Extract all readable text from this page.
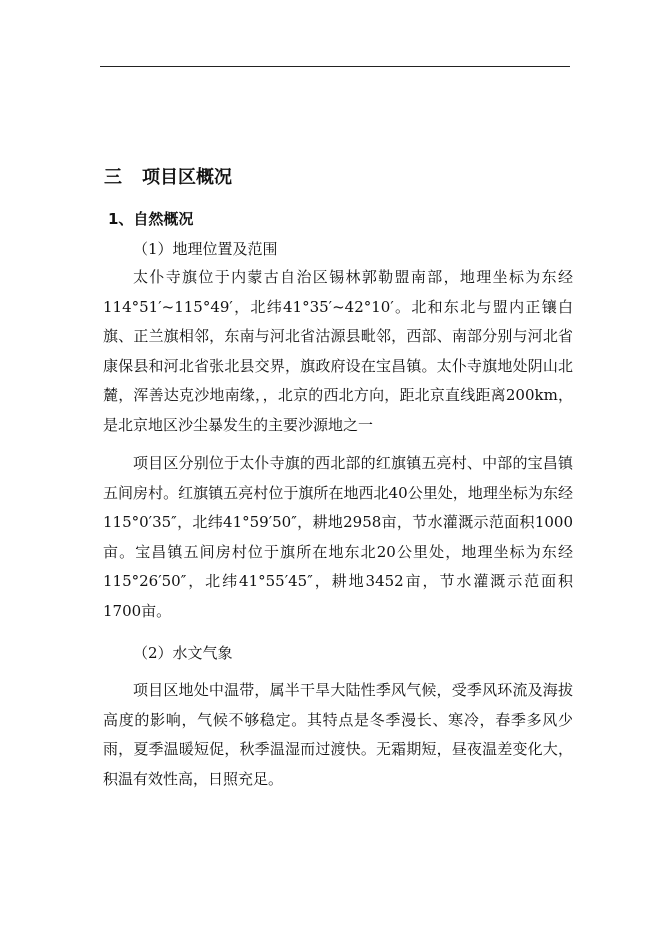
三 项目区概况
1、自然概况
（1）地理位置及范围

太仆寺旗位于内蒙古自治区锡林郭勒盟南部，地理坐标为东经114°51′~115°49′，北纬41°35′~42°10′。北和东北与盟内正镶白旗、正兰旗相邻，东南与河北省沽源县毗邻，西部、南部分别与河北省康保县和河北省张北县交界，旗政府设在宝昌镇。太仆寺旗地处阴山北麓，浑善达克沙地南缘，，北京的西北方向，距北京直线距离200km，是北京地区沙尘暴发生的主要沙源地之一

项目区分别位于太仆寺旗的西北部的红旗镇五亮村、中部的宝昌镇五间房村。红旗镇五亮村位于旗所在地西北40公里处，地理坐标为东经115°0′35″，北纬41°59′50″，耕地2958亩，节水灌溉示范面积1000亩。宝昌镇五间房村位于旗所在地东北20公里处，地理坐标为东经115°26′50″，北纬41°55′45″，耕地3452亩，节水灌溉示范面积1700亩。

（2）水文气象

项目区地处中温带，属半干旱大陆性季风气候，受季风环流及海拔高度的影响，气候不够稳定。其特点是冬季漫长、寒冷，春季多风少雨，夏季温暖短促，秋季温湿而过渡快。无霜期短，昼夜温差变化大，积温有效性高，日照充足。
